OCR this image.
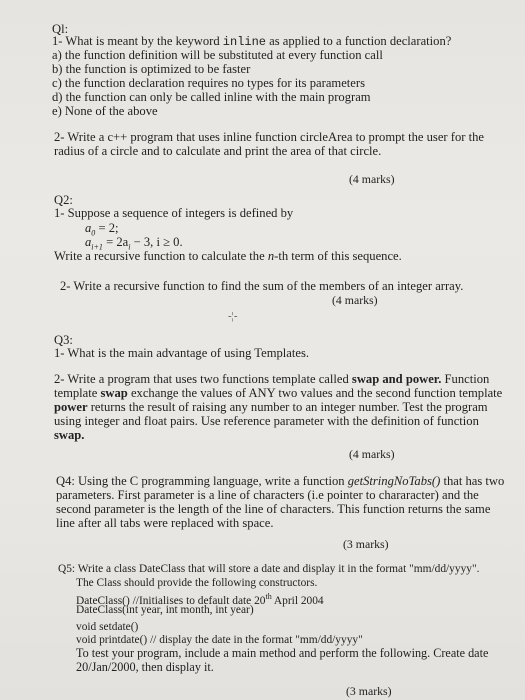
Ql:
1- What is meant by the keyword inline as applied to a function declaration?
a) the function definition will be substituted at every function call
b) the function is optimized to be faster
c) the function declaration requires no types for its parameters
d) the function can only be called inline with the main program
e) None of the above
2- Write a c++ program that uses inline function circleArea to prompt the user for the
radius of a circle and to calculate and print the area of that circle.
(4 marks)
Q2:
1- Suppose a sequence of integers is defined by
$a_0 = 2$;
$a_{i+1} = 2a_i - 3$, i ≥ 0.
Write a recursive function to calculate the n-th term of this sequence.
2- Write a recursive function to find the sum of the members of an integer array.
(4 marks)
-¦-
Q3:
1- What is the main advantage of using Templates.
2- Write a program that uses two functions template called swap and power. Function
template swap exchange the values of ANY two values and the second function template
power returns the result of raising any number to an integer number. Test the program
using integer and float pairs. Use reference parameter with the definition of function
swap.
(4 marks)
Q4: Using the C programming language, write a function getStringNoTabs() that has two
parameters. First parameter is a line of characters (i.e pointer to chararacter) and the
second parameter is the length of the line of characters. This function returns the same
line after all tabs were replaced with space.
(3 marks)
Q5: Write a class DateClass that will store a date and display it in the format "mm/dd/yyyy".
The Class should provide the following constructors.
DateClass() //Initialises to default date 20th April 2004
DateClass(int year, int month, int year)
void setdate()
void printdate() // display the date in the format "mm/dd/yyyy"
To test your program, include a main method and perform the following. Create date
20/Jan/2000, then display it.
(3 marks)
